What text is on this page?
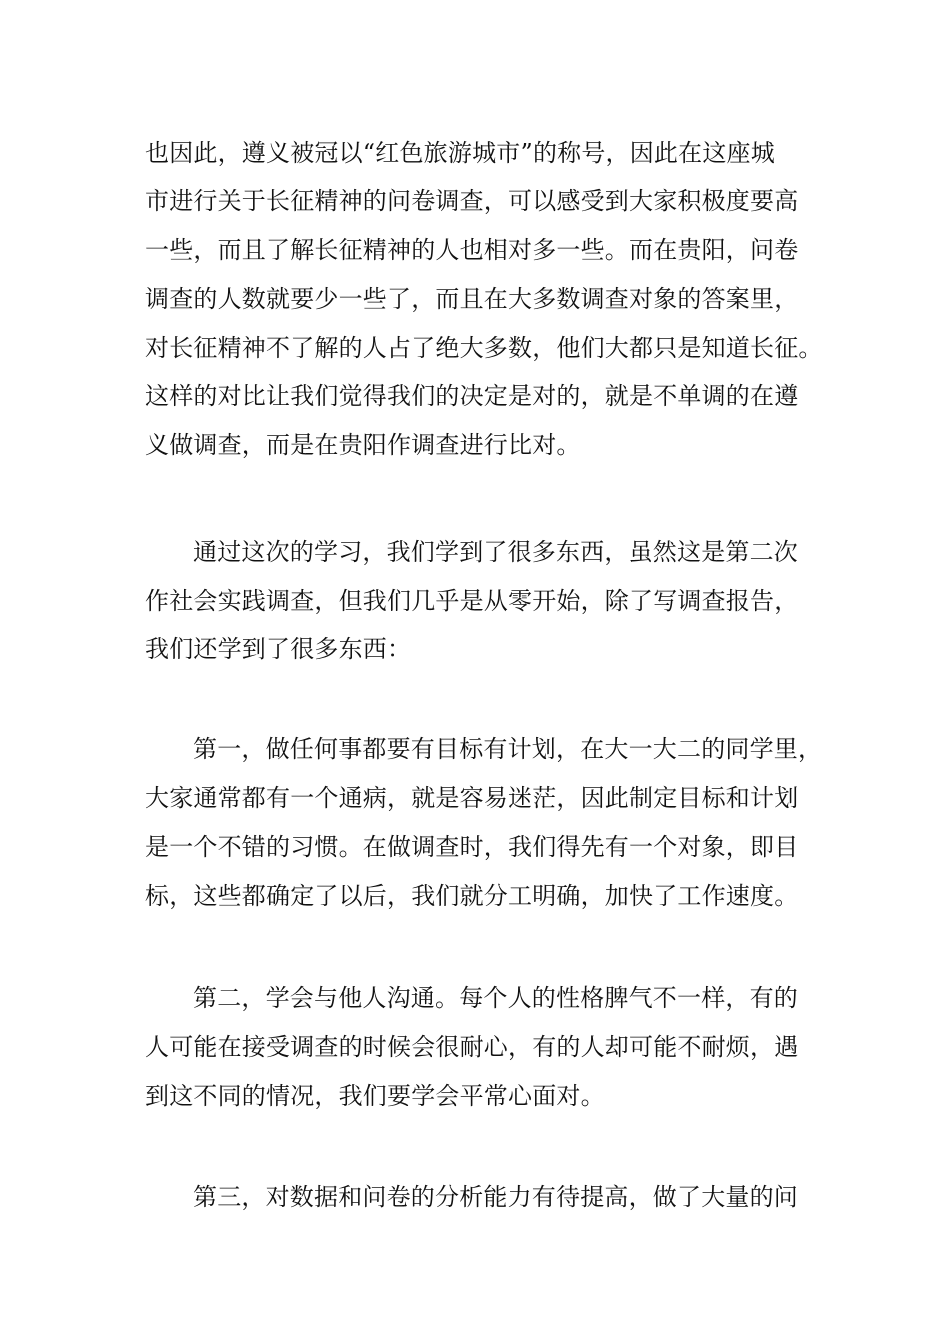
也因此，遵义被冠以“红色旅游城市”的称号，因此在这座城
市进行关于长征精神的问卷调查，可以感受到大家积极度要高
一些，而且了解长征精神的人也相对多一些。而在贵阳，问卷
调查的人数就要少一些了，而且在大多数调查对象的答案里，
对长征精神不了解的人占了绝大多数，他们大都只是知道长征。
这样的对比让我们觉得我们的决定是对的，就是不单调的在遵
义做调查，而是在贵阳作调查进行比对。
通过这次的学习，我们学到了很多东西，虽然这是第二次
作社会实践调查，但我们几乎是从零开始，除了写调查报告，
我们还学到了很多东西：
第一，做任何事都要有目标有计划，在大一大二的同学里，
大家通常都有一个通病，就是容易迷茫，因此制定目标和计划
是一个不错的习惯。在做调查时，我们得先有一个对象，即目
标，这些都确定了以后，我们就分工明确，加快了工作速度。
第二，学会与他人沟通。每个人的性格脾气不一样，有的
人可能在接受调查的时候会很耐心，有的人却可能不耐烦，遇
到这不同的情况，我们要学会平常心面对。
第三，对数据和问卷的分析能力有待提高，做了大量的问
